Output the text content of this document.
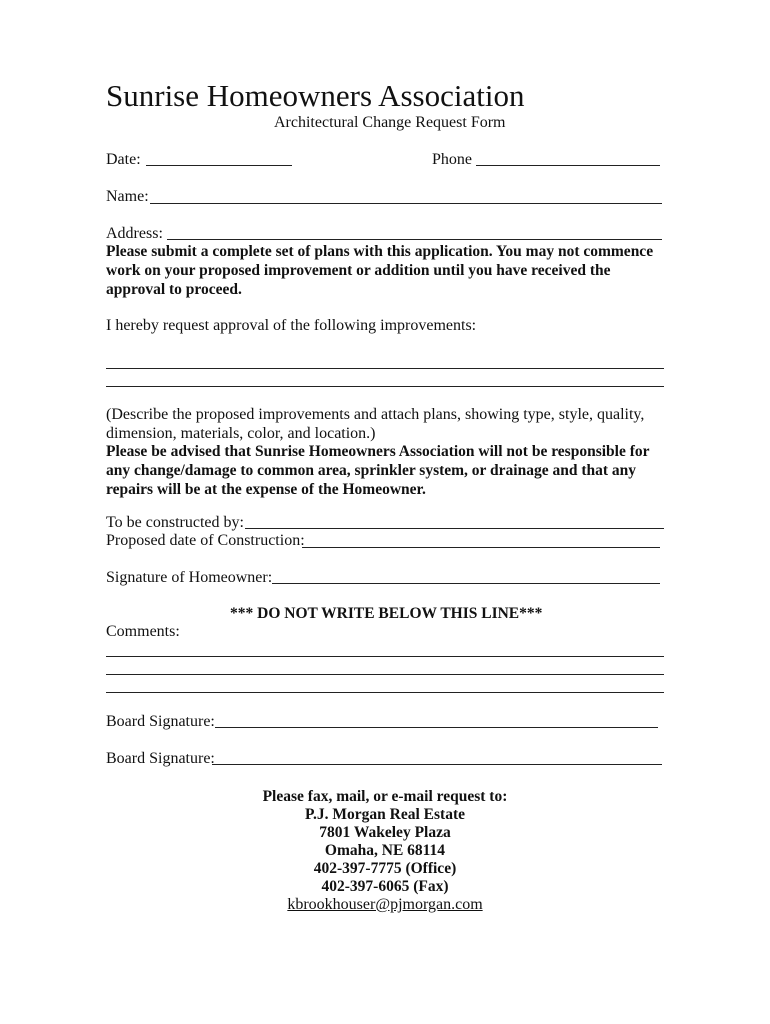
Sunrise Homeowners Association
Architectural Change Request Form
Date:	Phone
Name:
Address:
Please submit a complete set of plans with this application. You may not commence
work on your proposed improvement or addition until you have received the
approval to proceed.
I hereby request approval of the following improvements:
(Describe the proposed improvements and attach plans, showing type, style, quality,
dimension, materials, color, and location.)
Please be advised that Sunrise Homeowners Association will not be responsible for
any change/damage to common area, sprinkler system, or drainage and that any
repairs will be at the expense of the Homeowner.
To be constructed by:
Proposed date of Construction:
Signature of Homeowner:
*** DO NOT WRITE BELOW THIS LINE***
Comments:
Board Signature:
Board Signature:
Please fax, mail, or e-mail request to:
P.J. Morgan Real Estate
7801 Wakeley Plaza
Omaha, NE 68114
402-397-7775 (Office)
402-397-6065 (Fax)
kbrookhouser@pjmorgan.com
